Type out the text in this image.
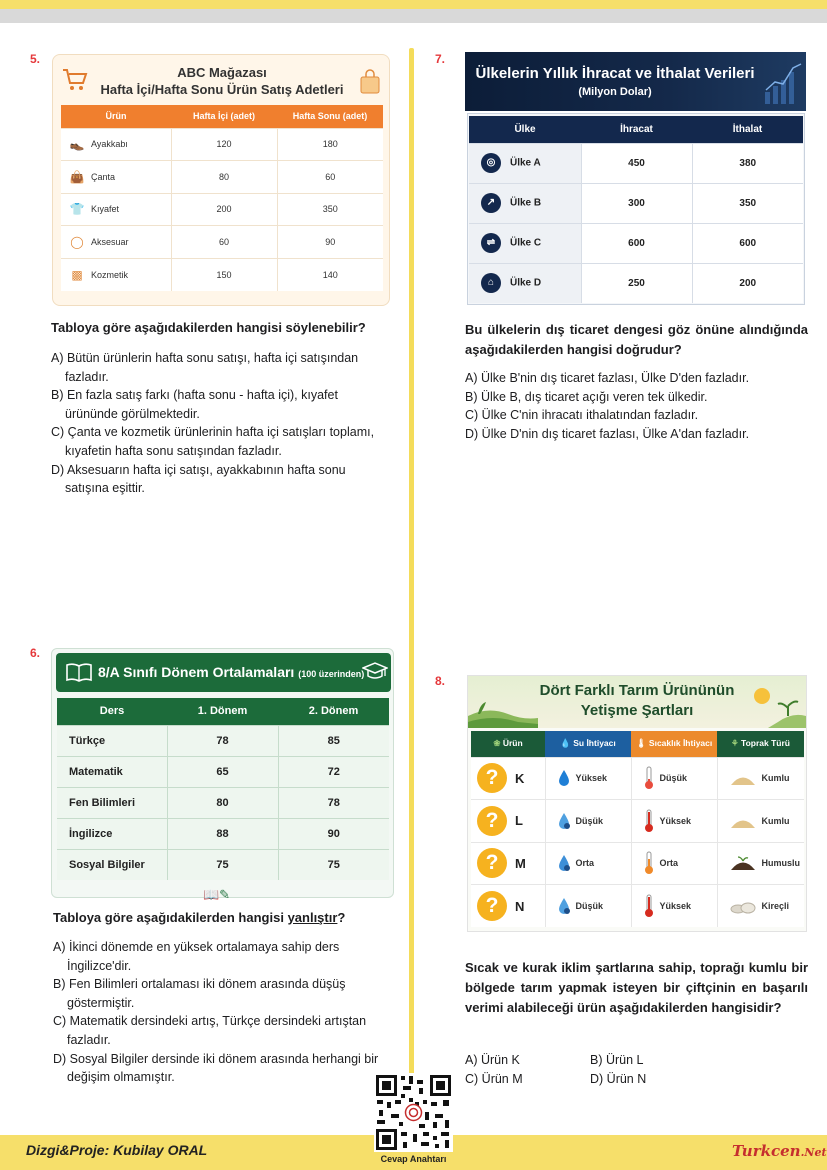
5.
ABC Mağazası
Hafta İçi/Hafta Sonu Ürün Satış Adetleri
Ürün	Hafta İçi (adet)	Hafta Sonu (adet)
👞 Ayakkabı	120	180
👜 Çanta	80	60
👕 Kıyafet	200	350
◯ Aksesuar	60	90
▩ Kozmetik	150	140
Tabloya göre aşağıdakilerden hangisi söylenebilir?
A) Bütün ürünlerin hafta sonu satışı, hafta içi satışından fazladır.
B) En fazla satış farkı (hafta sonu - hafta içi), kıyafet ürününde görülmektedir.
C) Çanta ve kozmetik ürünlerinin hafta içi satışları toplamı, kıyafetin hafta sonu satışından fazladır.
D) Aksesuarın hafta içi satışı, ayakkabının hafta sonu satışına eşittir.
7.
Ülkelerin Yıllık İhracat ve İthalat Verileri
(Milyon Dolar)
Ülke	İhracat	İthalat
◎ Ülke A	450	380
↗ Ülke B	300	350
⇌ Ülke C	600	600
⌂ Ülke D	250	200
Bu ülkelerin dış ticaret dengesi göz önüne alındığında aşağıdakilerden hangisi doğrudur?
A) Ülke B'nin dış ticaret fazlası, Ülke D'den fazladır.
B) Ülke B, dış ticaret açığı veren tek ülkedir.
C) Ülke C'nin ihracatı ithalatından fazladır.
D) Ülke D'nin dış ticaret fazlası, Ülke A'dan fazladır.
6.
8/A Sınıfı Dönem Ortalamaları (100 üzerinden)
Ders	1. Dönem	2. Dönem
Türkçe	78	85
Matematik	65	72
Fen Bilimleri	80	78
İngilizce	88	90
Sosyal Bilgiler	75	75
📖✎
Tabloya göre aşağıdakilerden hangisi yanlıştır?
A) İkinci dönemde en yüksek ortalamaya sahip ders İngilizce'dir.
B) Fen Bilimleri ortalaması iki dönem arasında düşüş göstermiştir.
C) Matematik dersindeki artış, Türkçe dersindeki artıştan fazladır.
D) Sosyal Bilgiler dersinde iki dönem arasında herhangi bir değişim olmamıştır.
8.
Dört Farklı Tarım Ürününün
Yetişme Şartları
❀ Ürün	💧 Su İhtiyacı	🌡 Sıcaklık İhtiyacı	⚘ Toprak Türü
? K	Yüksek	Düşük	Kumlu
? L	Düşük	Yüksek	Kumlu
? M	Orta	Orta	Humuslu
? N	Düşük	Yüksek	Kireçli
Sıcak ve kurak iklim şartlarına sahip, toprağı kumlu bir bölgede tarım yapmak isteyen bir çiftçinin en başarılı verimi alabileceği ürün aşağıdakilerden hangisidir?
A) Ürün K	B) Ürün L
C) Ürün M	D) Ürün N
Dizgi&Proje: Kubilay ORAL	Turkcen.Net
Cevap Anahtarı
